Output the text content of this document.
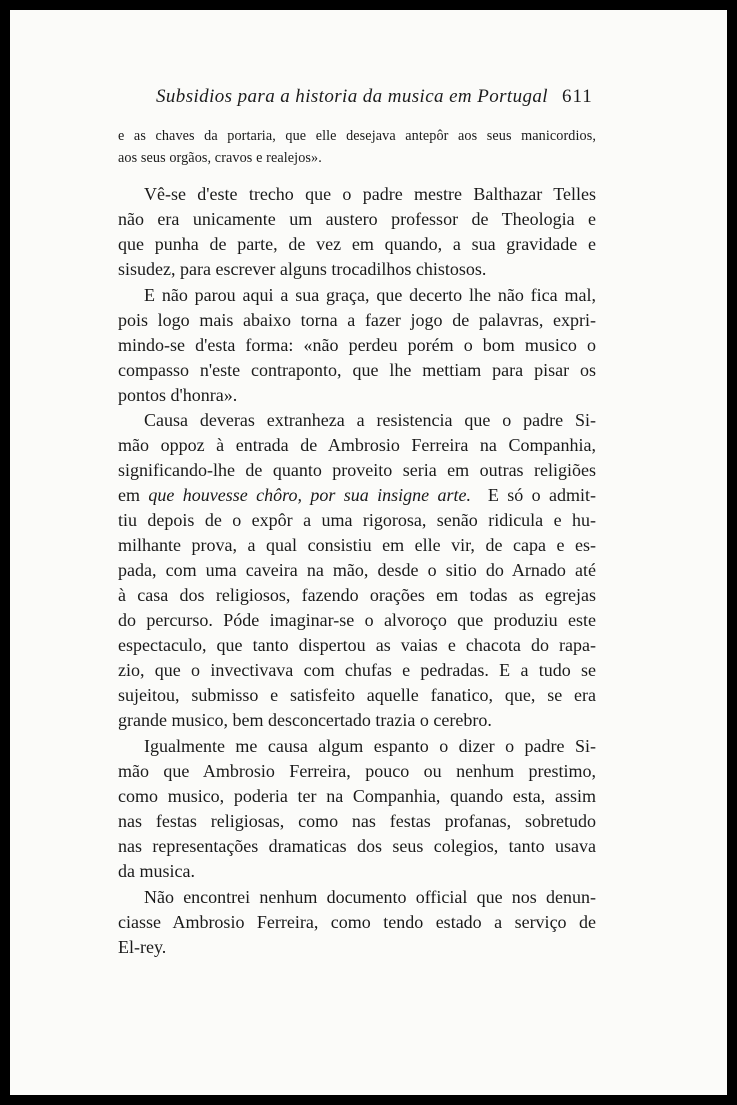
Subsidios para a historia da musica em Portugal 611
e as chaves da portaria, que elle desejava antepôr aos seus manicordios,
aos seus orgãos, cravos e realejos».
Vê-se d'este trecho que o padre mestre Balthazar Telles
não era unicamente um austero professor de Theologia e
que punha de parte, de vez em quando, a sua gravidade e
sisudez, para escrever alguns trocadilhos chistosos.
E não parou aqui a sua graça, que decerto lhe não fica mal,
pois logo mais abaixo torna a fazer jogo de palavras, expri-
mindo-se d'esta forma: «não perdeu porém o bom musico o
compasso n'este contraponto, que lhe mettiam para pisar os
pontos d'honra».
Causa deveras extranheza a resistencia que o padre Si-
mão oppoz à entrada de Ambrosio Ferreira na Companhia,
significando-lhe de quanto proveito seria em outras religiões
em que houvesse chôro, por sua insigne arte. E só o admit-
tiu depois de o expôr a uma rigorosa, senão ridicula e hu-
milhante prova, a qual consistiu em elle vir, de capa e es-
pada, com uma caveira na mão, desde o sitio do Arnado até
à casa dos religiosos, fazendo orações em todas as egrejas
do percurso. Póde imaginar-se o alvoroço que produziu este
espectaculo, que tanto dispertou as vaias e chacota do rapa-
zio, que o invectivava com chufas e pedradas. E a tudo se
sujeitou, submisso e satisfeito aquelle fanatico, que, se era
grande musico, bem desconcertado trazia o cerebro.
Igualmente me causa algum espanto o dizer o padre Si-
mão que Ambrosio Ferreira, pouco ou nenhum prestimo,
como musico, poderia ter na Companhia, quando esta, assim
nas festas religiosas, como nas festas profanas, sobretudo
nas representações dramaticas dos seus colegios, tanto usava
da musica.
Não encontrei nenhum documento official que nos denun-
ciasse Ambrosio Ferreira, como tendo estado a serviço de
El-rey.
